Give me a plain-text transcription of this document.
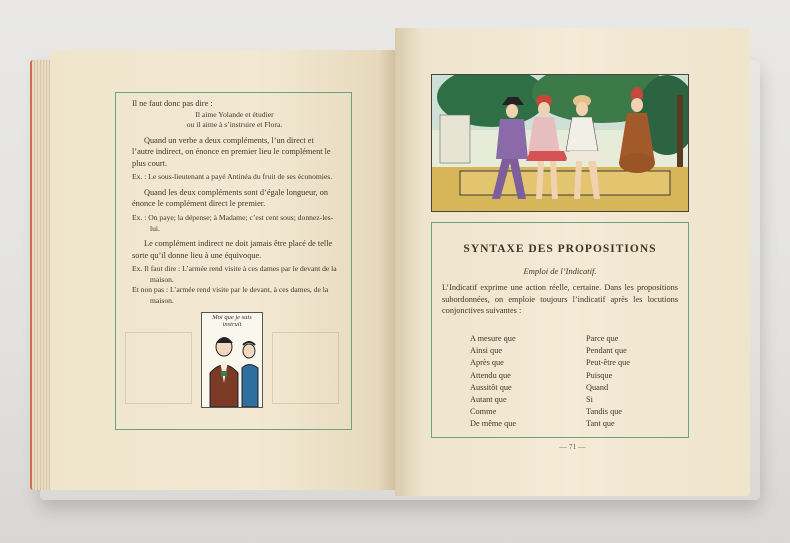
Il ne faut donc pas dire :

Il aime Yolande et étudier

ou il aime à s’instruire et Flora.

Quand un verbe a deux compléments, l’un direct et l’autre indirect, on énonce en premier lieu le complément le plus court.

Ex. : Le sous-lieutenant a payé Antinéa du fruit de ses économies.

Quand les deux compléments sont d’égale longueur, on énonce le complément direct le premier.

Ex. : On paye; la dépense; à Madame; c’est cent sous; donnez-les-lui.

Le complément indirect ne doit jamais être placé de telle sorte qu’il donne lieu à une équivoque.

Ex. Il faut dire : L’armée rend visite à ces dames par le devant de la maison.

Et non pas : L’armée rend visite par le devant, à ces dames, de la maison.

Moi que je suis instruit
SYNTAXE DES PROPOSITIONS
Emploi de l’Indicatif.
L’Indicatif exprime une action réelle, certaine. Dans les propositions subordonnées, on emploie toujours l’indicatif après les locutions conjonctives suivantes :
A mesure que
Ainsi que
Après que
Attendu que
Aussitôt que
Autant que
Comme
De même que
Parce que
Pendant que
Peut-être que
Puisque
Quand
Si
Tandis que
Tant que
— 71 —
